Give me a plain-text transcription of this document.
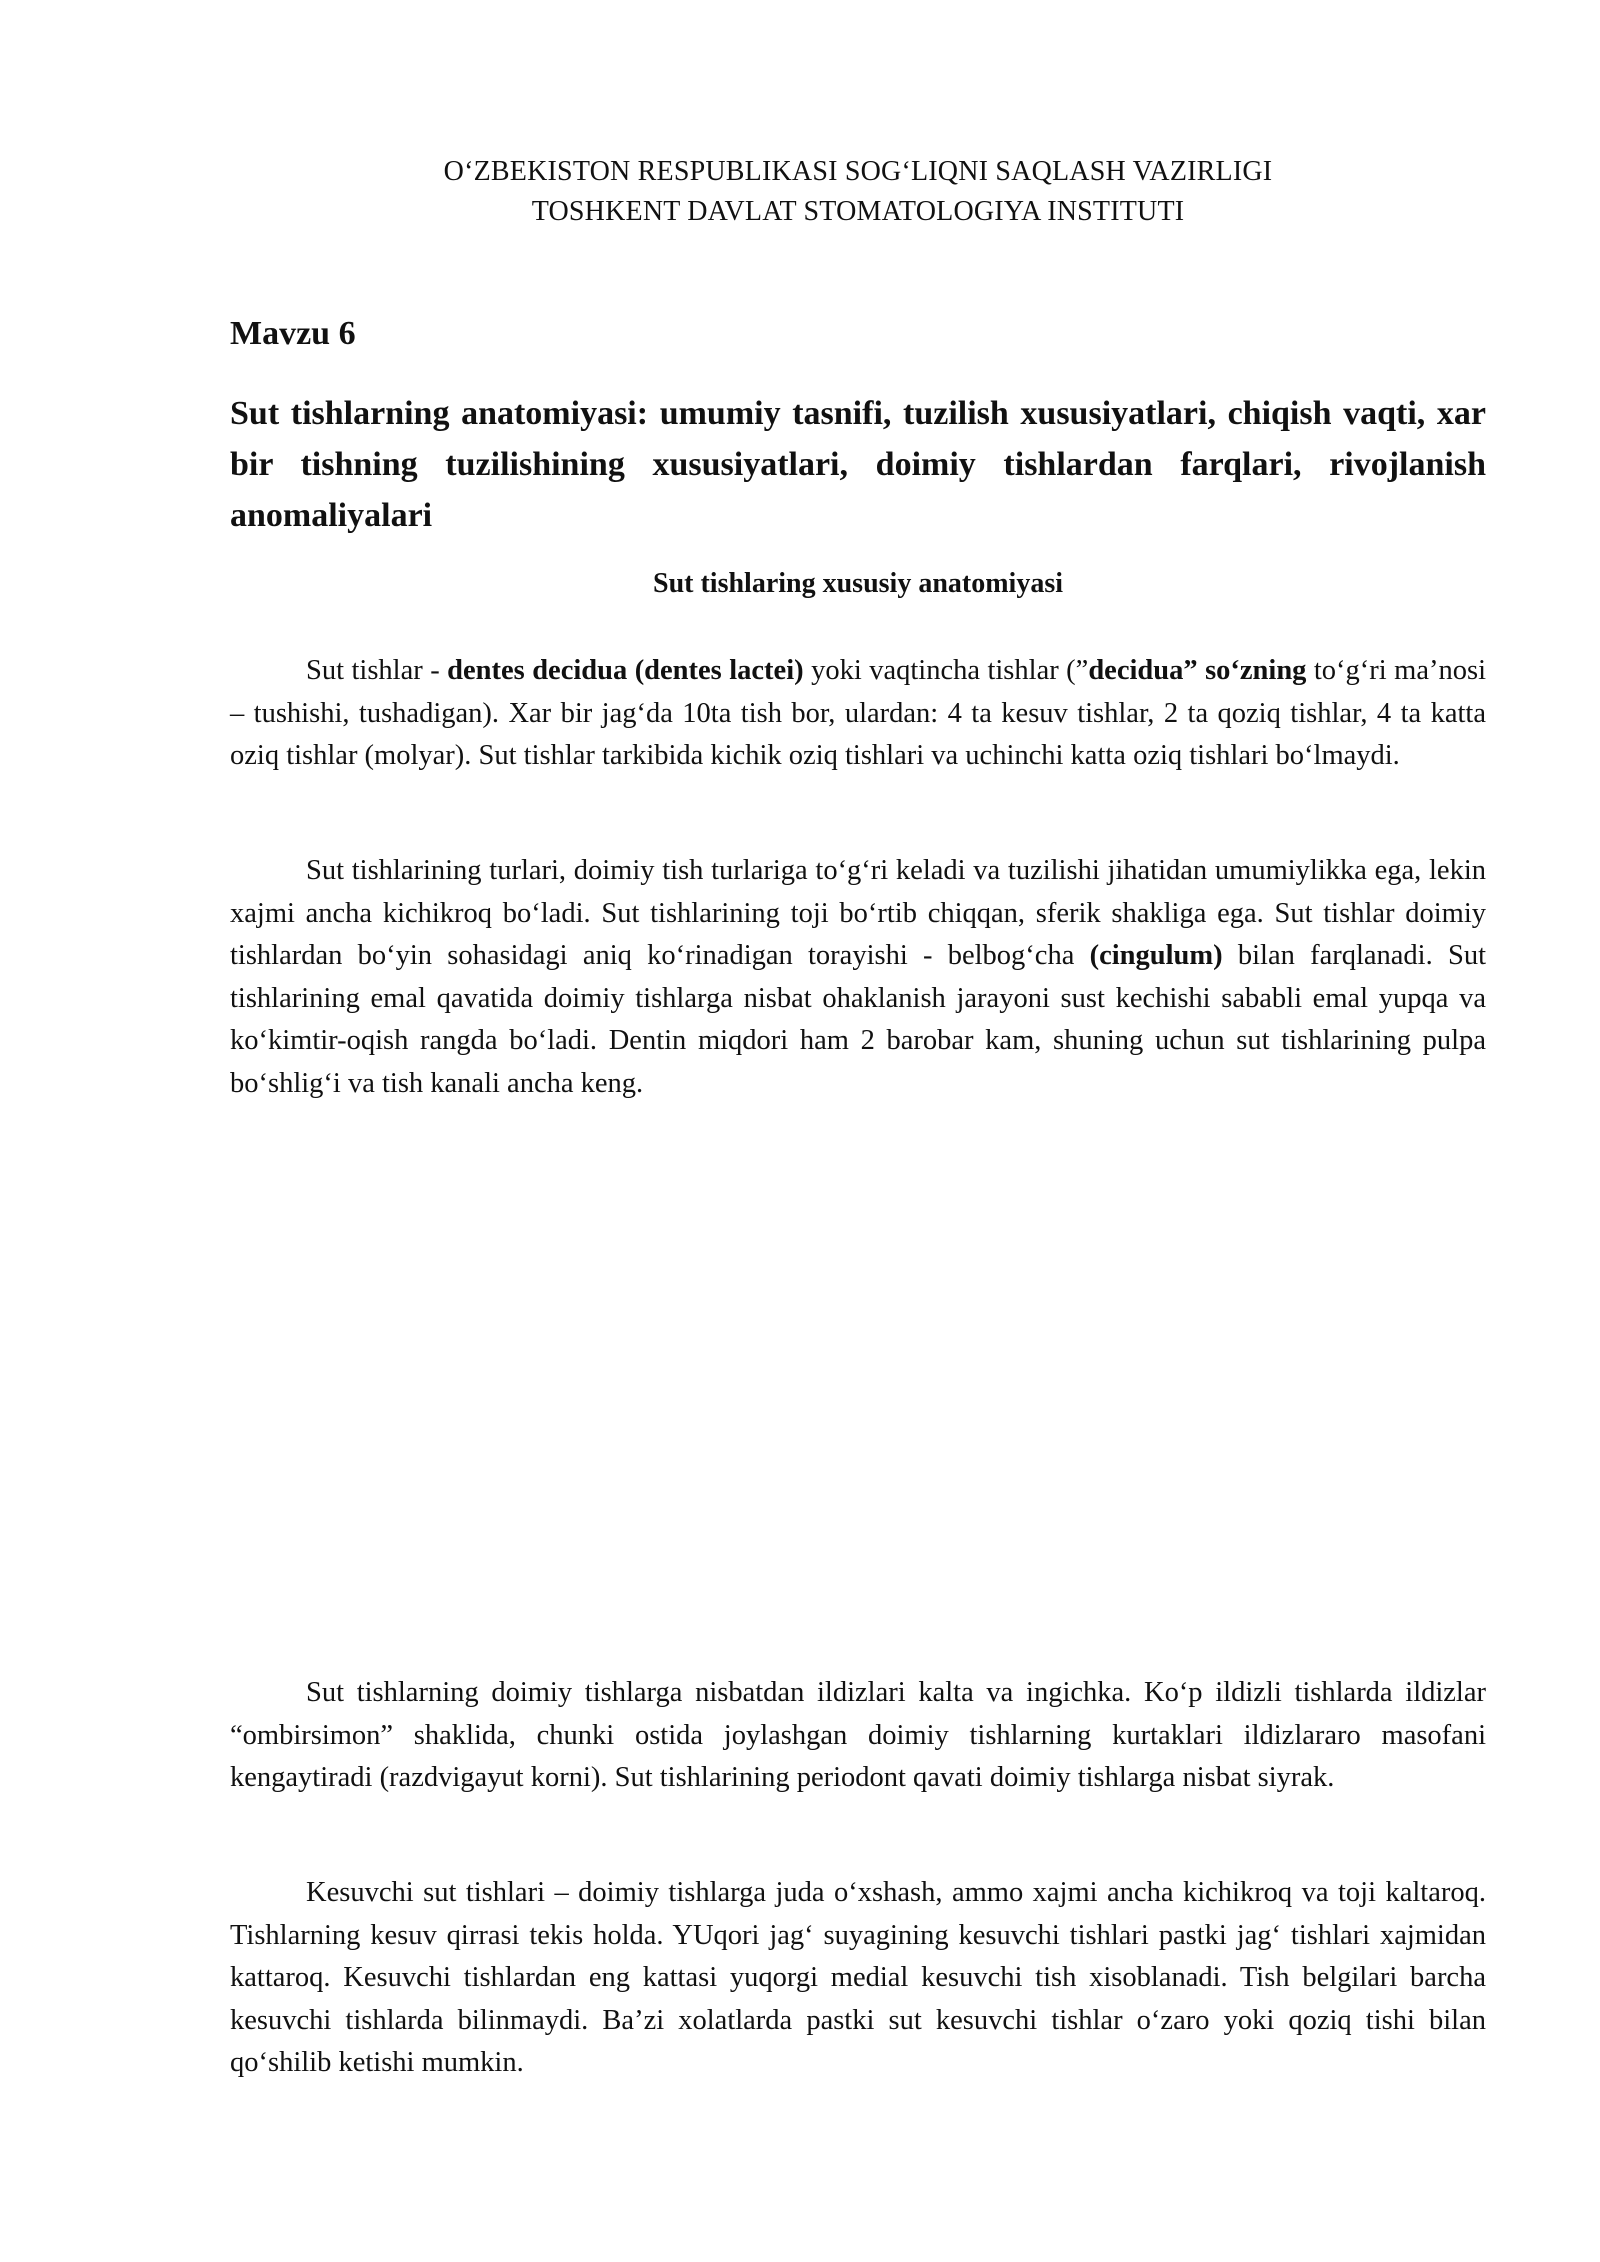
O‘ZBEKISTON RESPUBLIKASI SOG‘LIQNI SAQLASH VAZIRLIGI
TOSHKENT DAVLAT STOMATOLOGIYA INSTITUTI
Mavzu 6
Sut tishlarning anatomiyasi: umumiy tasnifi, tuzilish xususiyatlari, chiqish vaqti, xar bir tishning tuzilishining xususiyatlari, doimiy tishlardan farqlari, rivojlanish anomaliyalari
Sut tishlaring xususiy anatomiyasi

Sut tishlar - dentes decidua (dentes lactei) yoki vaqtincha tishlar (”decidua” so‘zning to‘g‘ri ma’nosi – tushishi, tushadigan). Xar bir jag‘da 10ta tish bor, ulardan: 4 ta kesuv tishlar, 2 ta qoziq tishlar, 4 ta katta oziq tishlar (molyar). Sut tishlar tarkibida kichik oziq tishlari va uchinchi katta oziq tishlari bo‘lmaydi.

Sut tishlarining turlari, doimiy tish turlariga to‘g‘ri keladi va tuzilishi jihatidan umumiylikka ega, lekin xajmi ancha kichikroq bo‘ladi. Sut tishlarining toji bo‘rtib chiqqan, sferik shakliga ega. Sut tishlar doimiy tishlardan bo‘yin sohasidagi aniq ko‘rinadigan torayishi - belbog‘cha (cingulum) bilan farqlanadi. Sut tishlarining emal qavatida doimiy tishlarga nisbat ohaklanish jarayoni sust kechishi sababli emal yupqa va ko‘kimtir-oqish rangda bo‘ladi. Dentin miqdori ham 2 barobar kam, shuning uchun sut tishlarining pulpa bo‘shlig‘i va tish kanali ancha keng.

Sut tishlarning doimiy tishlarga nisbatdan ildizlari kalta va ingichka. Ko‘p ildizli tishlarda ildizlar “ombirsimon” shaklida, chunki ostida joylashgan doimiy tishlarning kurtaklari ildizlararo masofani kengaytiradi (razdvigayut korni). Sut tishlarining periodont qavati doimiy tishlarga nisbat siyrak.

Kesuvchi sut tishlari – doimiy tishlarga juda o‘xshash, ammo xajmi ancha kichikroq va toji kaltaroq. Tishlarning kesuv qirrasi tekis holda. YUqori jag‘ suyagining kesuvchi tishlari pastki jag‘ tishlari xajmidan kattaroq. Kesuvchi tishlardan eng kattasi yuqorgi medial kesuvchi tish xisoblanadi. Tish belgilari barcha kesuvchi tishlarda bilinmaydi. Ba’zi xolatlarda pastki sut kesuvchi tishlar o‘zaro yoki qoziq tishi bilan qo‘shilib ketishi mumkin.
